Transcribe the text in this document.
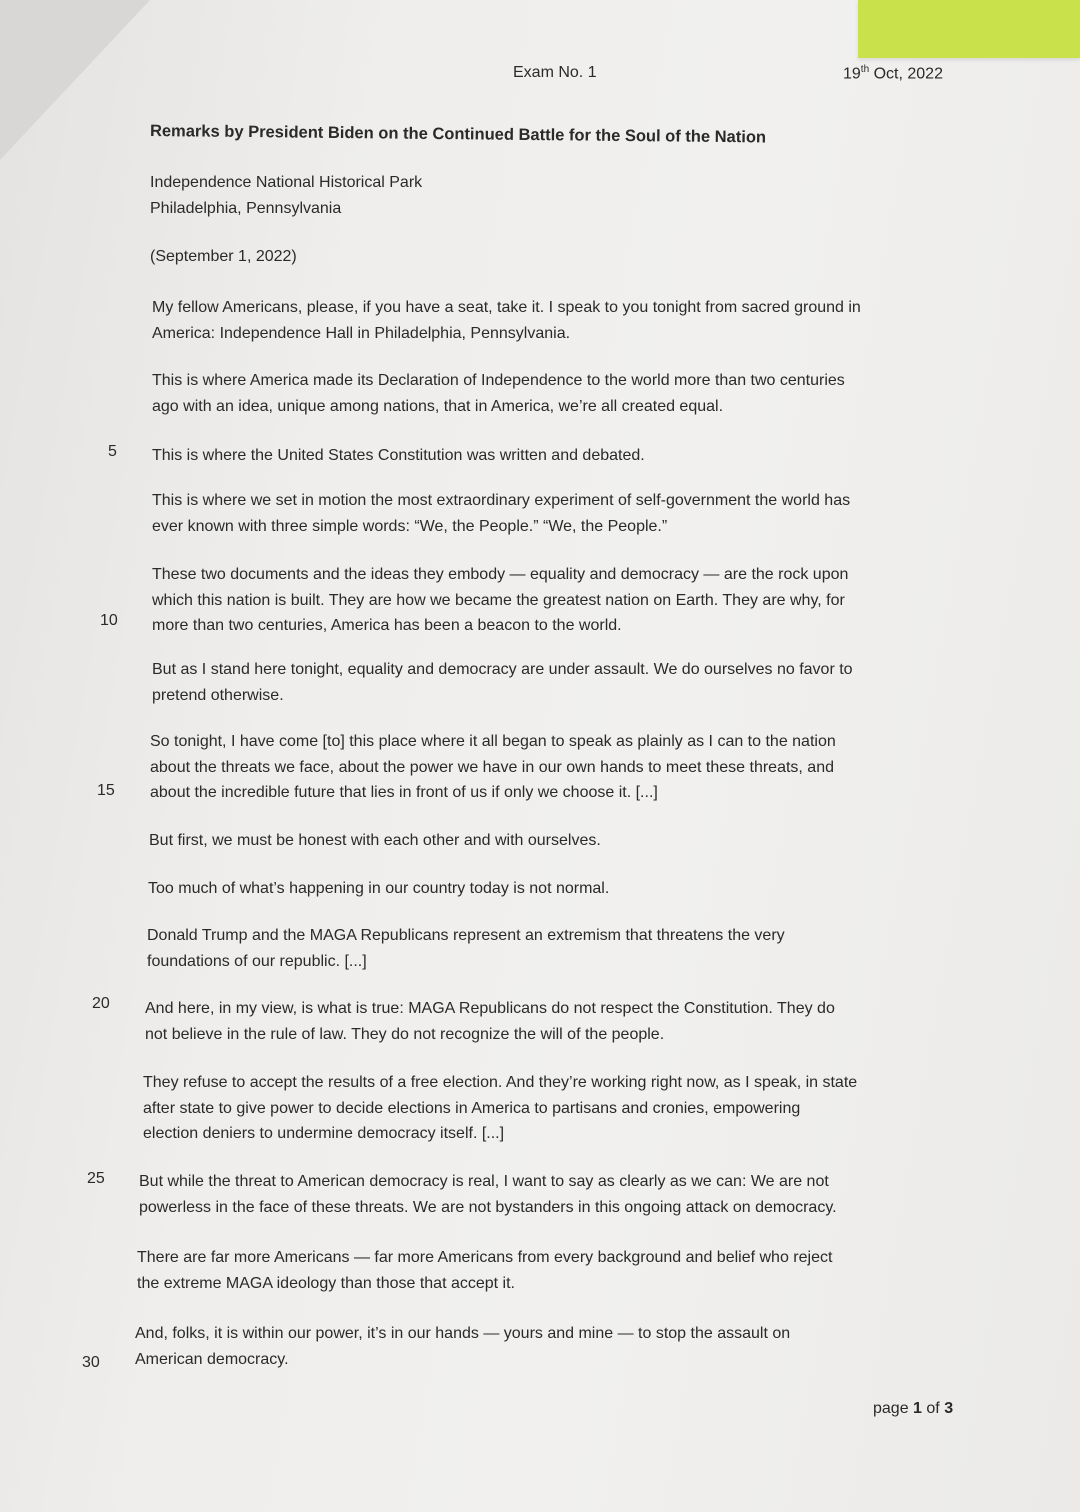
Exam No. 1	19th Oct, 2022
Remarks by President Biden on the Continued Battle for the Soul of the Nation
Independence National Historical Park
Philadelphia, Pennsylvania
(September 1, 2022)
My fellow Americans, please, if you have a seat, take it. I speak to you tonight from sacred ground in
America: Independence Hall in Philadelphia, Pennsylvania.
This is where America made its Declaration of Independence to the world more than two centuries
ago with an idea, unique among nations, that in America, we’re all created equal.
This is where the United States Constitution was written and debated.
This is where we set in motion the most extraordinary experiment of self-government the world has
ever known with three simple words: “We, the People.” “We, the People.”
These two documents and the ideas they embody — equality and democracy — are the rock upon
which this nation is built. They are how we became the greatest nation on Earth. They are why, for
more than two centuries, America has been a beacon to the world.
But as I stand here tonight, equality and democracy are under assault. We do ourselves no favor to
pretend otherwise.
So tonight, I have come [to] this place where it all began to speak as plainly as I can to the nation
about the threats we face, about the power we have in our own hands to meet these threats, and
about the incredible future that lies in front of us if only we choose it. [...]
But first, we must be honest with each other and with ourselves.
Too much of what’s happening in our country today is not normal.
Donald Trump and the MAGA Republicans represent an extremism that threatens the very
foundations of our republic. [...]
And here, in my view, is what is true: MAGA Republicans do not respect the Constitution. They do
not believe in the rule of law. They do not recognize the will of the people.
They refuse to accept the results of a free election. And they’re working right now, as I speak, in state
after state to give power to decide elections in America to partisans and cronies, empowering
election deniers to undermine democracy itself. [...]
But while the threat to American democracy is real, I want to say as clearly as we can: We are not
powerless in the face of these threats. We are not bystanders in this ongoing attack on democracy.
There are far more Americans — far more Americans from every background and belief who reject
the extreme MAGA ideology than those that accept it.
And, folks, it is within our power, it’s in our hands — yours and mine — to stop the assault on
American democracy.
5
10
15
20
25
30
page 1 of 3
